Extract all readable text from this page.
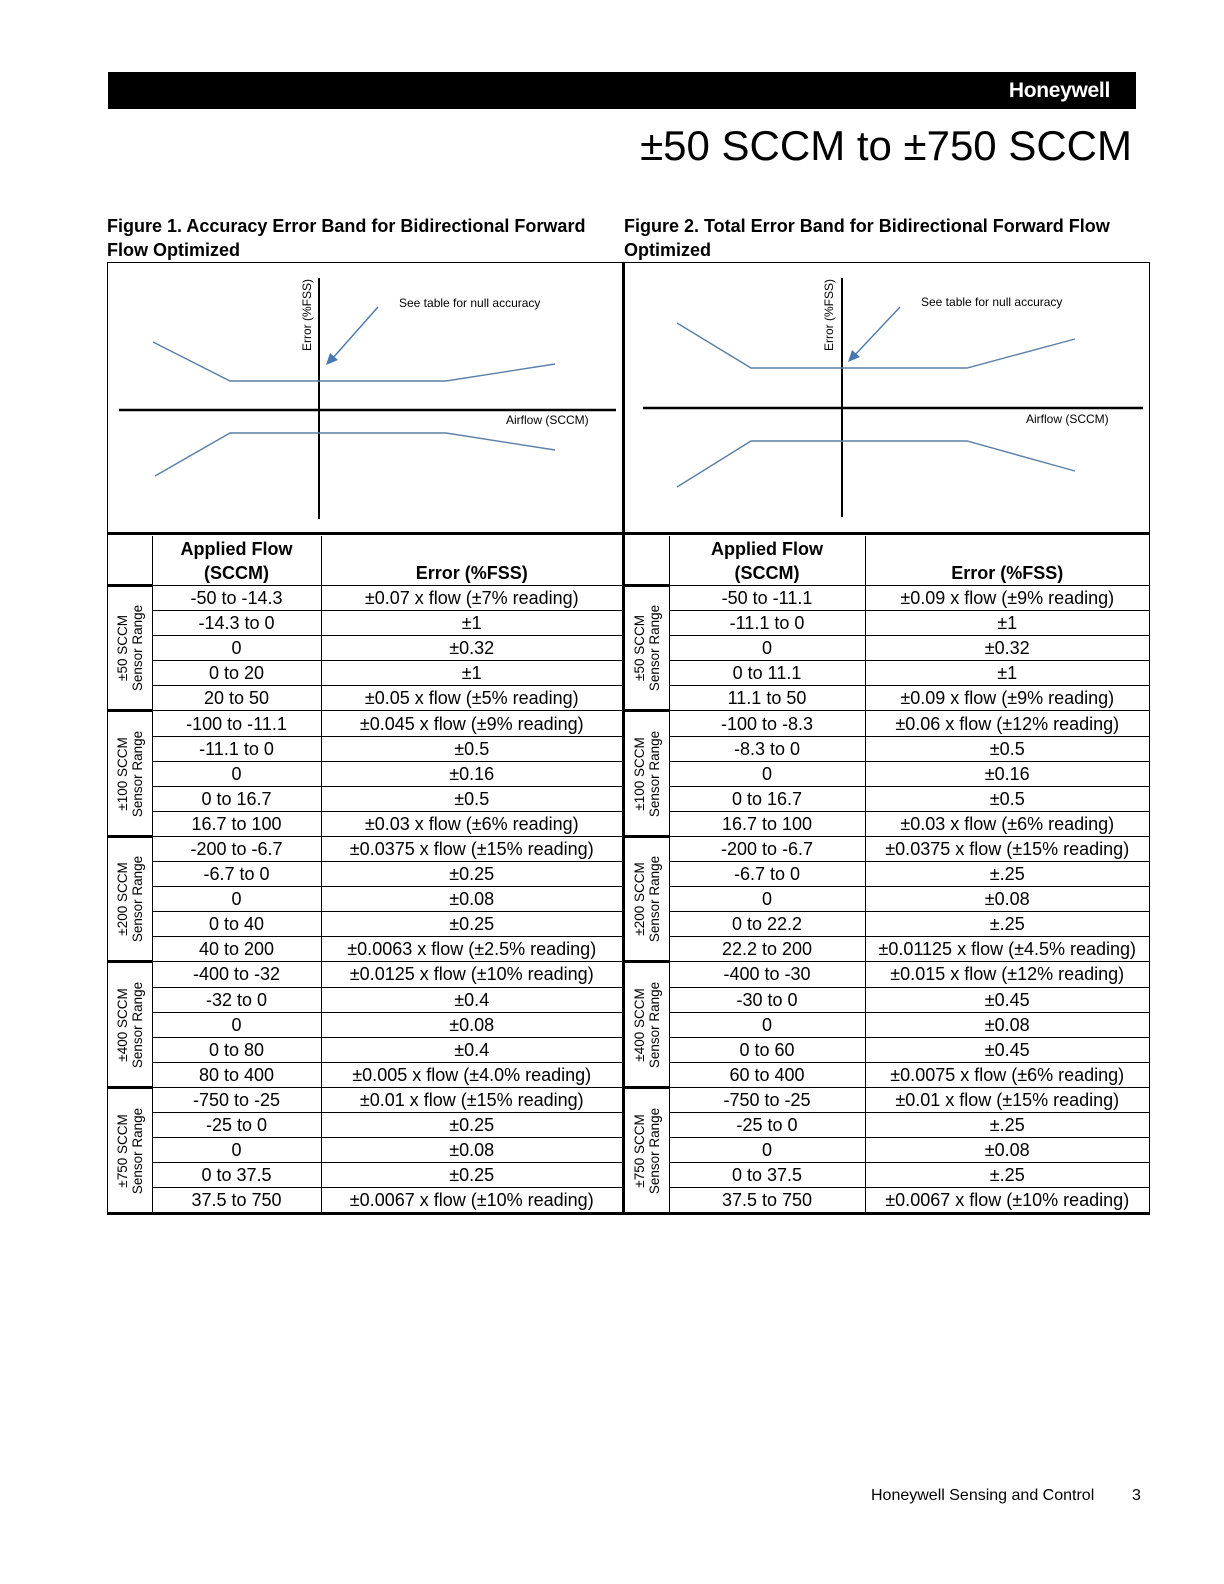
Honeywell
±50 SCCM to ±750 SCCM
Figure 1. Accuracy Error Band for Bidirectional Forward Flow Optimized
Figure 2. Total Error Band for Bidirectional Forward Flow Optimized
See table for null accuracy
Airflow (SCCM)
Error (%FSS)	See table for null accuracy
Airflow (SCCM)
Error (%FSS)
	Applied Flow
(SCCM)	Error (%FSS)

±50 SCCM Sensor Range	-50 to -14.3	±0.07 x flow (±7% reading)
	-14.3 to 0	±1
	0	±0.32
	0 to 20	±1
	20 to 50	±0.05 x flow (±5% reading)

±100 SCCM Sensor Range	-100 to -11.1	±0.045 x flow (±9% reading)
	-11.1 to 0	±0.5
	0	±0.16
	0 to 16.7	±0.5
	16.7 to 100	±0.03 x flow (±6% reading)

±200 SCCM Sensor Range	-200 to -6.7	±0.0375 x flow (±15% reading)
	-6.7 to 0	±0.25
	0	±0.08
	0 to 40	±0.25
	40 to 200	±0.0063 x flow (±2.5% reading)

±400 SCCM Sensor Range	-400 to -32	±0.0125 x flow (±10% reading)
	-32 to 0	±0.4
	0	±0.08
	0 to 80	±0.4
	80 to 400	±0.005 x flow (±4.0% reading)

±750 SCCM Sensor Range	-750 to -25	±0.01 x flow (±15% reading)
	-25 to 0	±0.25
	0	±0.08
	0 to 37.5	±0.25
	37.5 to 750	±0.0067 x flow (±10% reading)
	Applied Flow
(SCCM)	Error (%FSS)

±50 SCCM Sensor Range	-50 to -11.1	±0.09 x flow (±9% reading)
	-11.1 to 0	±1
	0	±0.32
	0 to 11.1	±1
	11.1 to 50	±0.09 x flow (±9% reading)

±100 SCCM Sensor Range	-100 to -8.3	±0.06 x flow (±12% reading)
	-8.3 to 0	±0.5
	0	±0.16
	0 to 16.7	±0.5
	16.7 to 100	±0.03 x flow (±6% reading)

±200 SCCM Sensor Range	-200 to -6.7	±0.0375 x flow (±15% reading)
	-6.7 to 0	±.25
	0	±0.08
	0 to 22.2	±.25
	22.2 to 200	±0.01125 x flow (±4.5% reading)

±400 SCCM Sensor Range	-400 to -30	±0.015 x flow (±12% reading)
	-30 to 0	±0.45
	0	±0.08
	0 to 60	±0.45
	60 to 400	±0.0075 x flow (±6% reading)

±750 SCCM Sensor Range	-750 to -25	±0.01 x flow (±15% reading)
	-25 to 0	±.25
	0	±0.08
	0 to 37.5	±.25
	37.5 to 750	±0.0067 x flow (±10% reading)
Honeywell Sensing and Control 3
